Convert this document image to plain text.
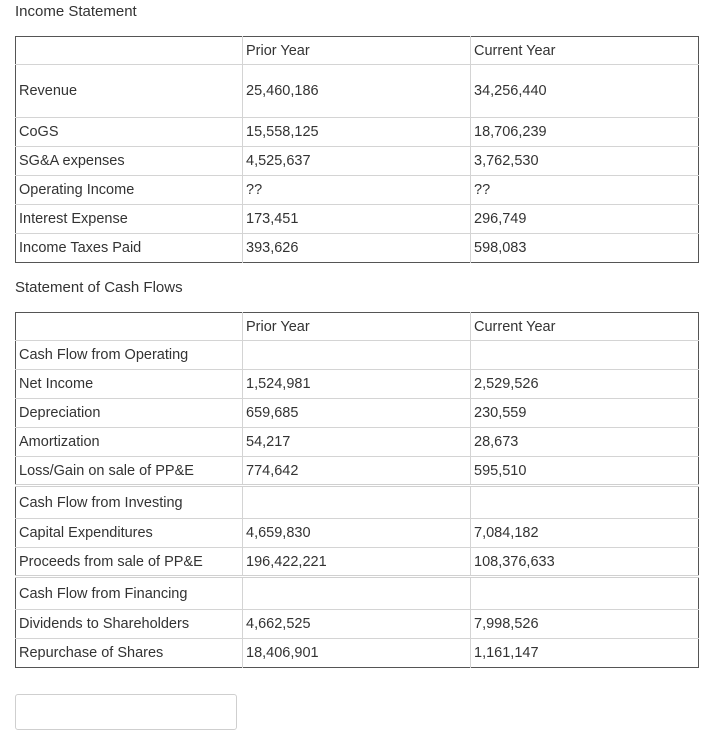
Income Statement
	Prior Year	Current Year
Revenue	25,460,186	34,256,440
CoGS	15,558,125	18,706,239
SG&A expenses	4,525,637	3,762,530
Operating Income	??	??
Interest Expense	173,451	296,749
Income Taxes Paid	393,626	598,083
Statement of Cash Flows
	Prior Year	Current Year
Cash Flow from Operating		
Net Income	1,524,981	2,529,526
Depreciation	659,685	230,559
Amortization	54,217	28,673
Loss/Gain on sale of PP&E	774,642	595,510
Cash Flow from Investing		
Capital Expenditures	4,659,830	7,084,182
Proceeds from sale of PP&E	196,422,221	108,376,633
Cash Flow from Financing		
Dividends to Shareholders	4,662,525	7,998,526
Repurchase of Shares	18,406,901	1,161,147
